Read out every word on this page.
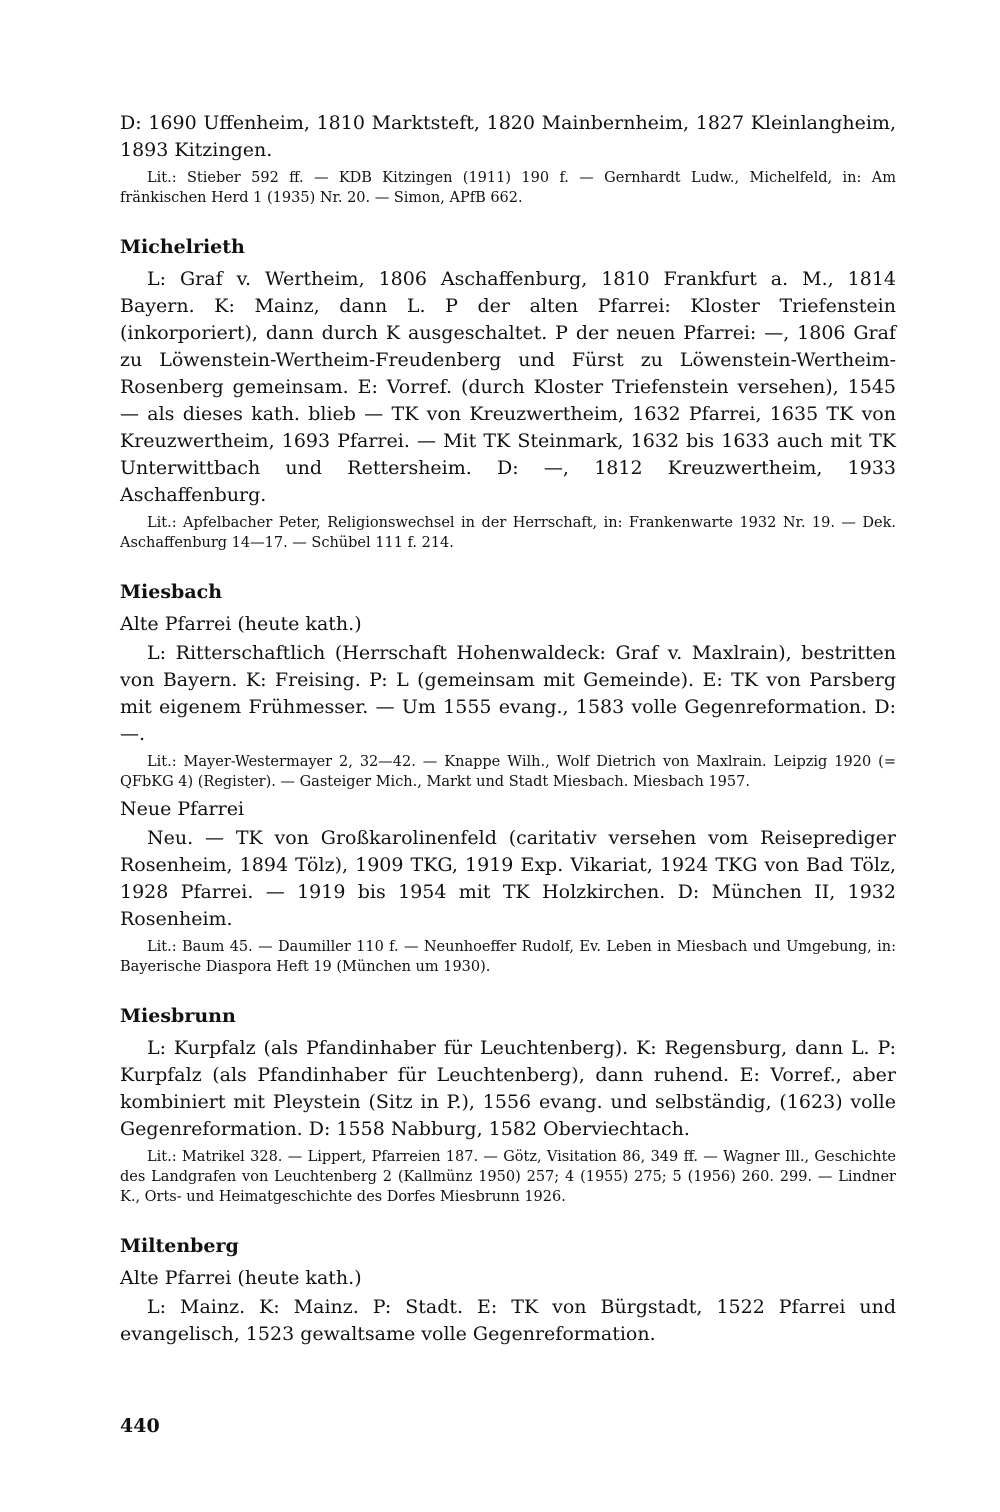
D: 1690 Uffenheim, 1810 Marktsteft, 1820 Mainbernheim, 1827 Kleinlangheim, 1893 Kitzingen.

Lit.: Stieber 592 ff. — KDB Kitzingen (1911) 190 f. — Gernhardt Ludw., Michelfeld, in: Am fränkischen Herd 1 (1935) Nr. 20. — Simon, APfB 662.

Michelrieth

L: Graf v. Wertheim, 1806 Aschaffenburg, 1810 Frankfurt a. M., 1814 Bayern. K: Mainz, dann L. P der alten Pfarrei: Kloster Triefenstein (inkorporiert), dann durch K ausgeschaltet. P der neuen Pfarrei: —, 1806 Graf zu Löwenstein-Wertheim-Freudenberg und Fürst zu Löwenstein-Wertheim-Rosenberg gemeinsam. E: Vorref. (durch Kloster Triefenstein versehen), 1545 — als dieses kath. blieb — TK von Kreuzwertheim, 1632 Pfarrei, 1635 TK von Kreuzwertheim, 1693 Pfarrei. — Mit TK Steinmark, 1632 bis 1633 auch mit TK Unterwittbach und Rettersheim. D: —, 1812 Kreuzwertheim, 1933 Aschaffenburg.

Lit.: Apfelbacher Peter, Religionswechsel in der Herrschaft, in: Frankenwarte 1932 Nr. 19. — Dek. Aschaffenburg 14—17. — Schübel 111 f. 214.

Miesbach
Alte Pfarrei (heute kath.)

L: Ritterschaftlich (Herrschaft Hohenwaldeck: Graf v. Maxlrain), bestritten von Bayern. K: Freising. P: L (gemeinsam mit Gemeinde). E: TK von Parsberg mit eigenem Frühmesser. — Um 1555 evang., 1583 volle Gegenreformation. D: —.

Lit.: Mayer-Westermayer 2, 32—42. — Knappe Wilh., Wolf Dietrich von Maxlrain. Leipzig 1920 (= QFbKG 4) (Register). — Gasteiger Mich., Markt und Stadt Miesbach. Miesbach 1957.

Neue Pfarrei

Neu. — TK von Großkarolinenfeld (caritativ versehen vom Reiseprediger Rosenheim, 1894 Tölz), 1909 TKG, 1919 Exp. Vikariat, 1924 TKG von Bad Tölz, 1928 Pfarrei. — 1919 bis 1954 mit TK Holzkirchen. D: München II, 1932 Rosenheim.

Lit.: Baum 45. — Daumiller 110 f. — Neunhoeffer Rudolf, Ev. Leben in Miesbach und Umgebung, in: Bayerische Diaspora Heft 19 (München um 1930).

Miesbrunn

L: Kurpfalz (als Pfandinhaber für Leuchtenberg). K: Regensburg, dann L. P: Kurpfalz (als Pfandinhaber für Leuchtenberg), dann ruhend. E: Vorref., aber kombiniert mit Pleystein (Sitz in P.), 1556 evang. und selbständig, (1623) volle Gegenreformation. D: 1558 Nabburg, 1582 Oberviechtach.

Lit.: Matrikel 328. — Lippert, Pfarreien 187. — Götz, Visitation 86, 349 ff. — Wagner Ill., Geschichte des Landgrafen von Leuchtenberg 2 (Kallmünz 1950) 257; 4 (1955) 275; 5 (1956) 260. 299. — Lindner K., Orts- und Heimatgeschichte des Dorfes Miesbrunn 1926.

Miltenberg
Alte Pfarrei (heute kath.)

L: Mainz. K: Mainz. P: Stadt. E: TK von Bürgstadt, 1522 Pfarrei und evangelisch, 1523 gewaltsame volle Gegenreformation.

440
